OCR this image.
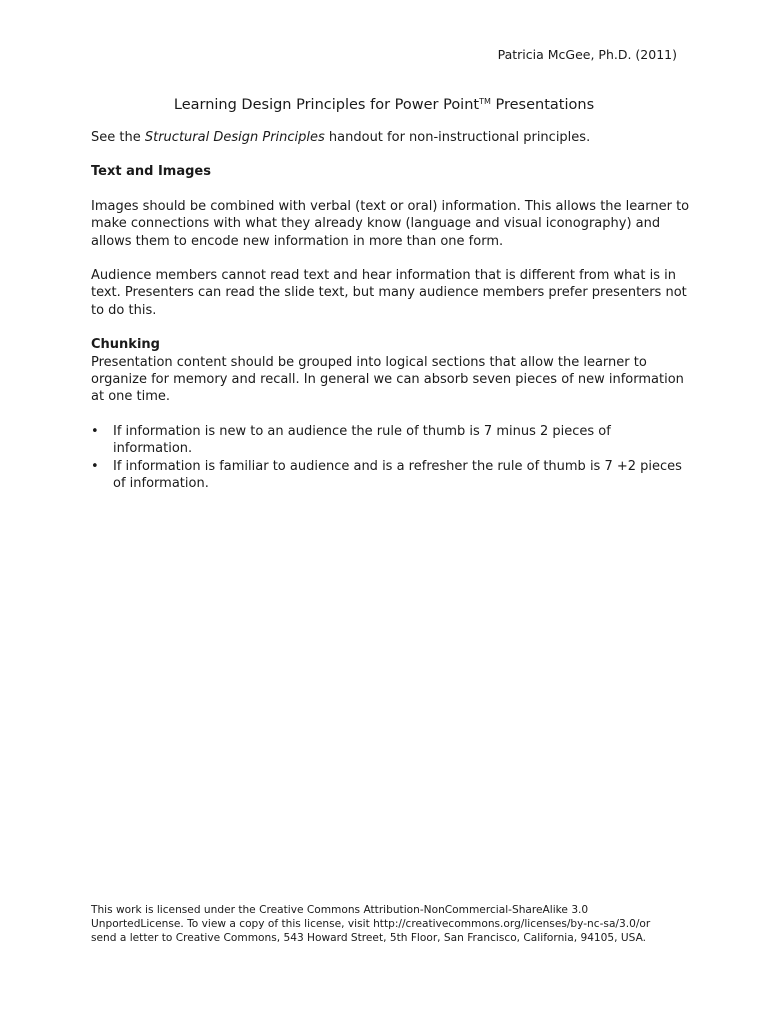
Patricia McGee, Ph.D. (2011)
Learning Design Principles for Power Point™ Presentations

See the Structural Design Principles handout for non-instructional principles.

Text and Images

Images should be combined with verbal (text or oral) information. This allows the learner to make connections with what they already know (language and visual iconography) and allows them to encode new information in more than one form.

Audience members cannot read text and hear information that is different from what is in text. Presenters can read the slide text, but many audience members prefer presenters not to do this.

Chunking

Presentation content should be grouped into logical sections that allow the learner to organize for memory and recall. In general we can absorb seven pieces of new information at one time.

• If information is new to an audience the rule of thumb is 7 minus 2 pieces of information.
• If information is familiar to audience and is a refresher the rule of thumb is 7 +2 pieces of information.
This work is licensed under the Creative Commons Attribution-NonCommercial-ShareAlike 3.0 UnportedLicense. To view a copy of this license, visit http://creativecommons.org/licenses/by-nc-sa/3.0/or send a letter to Creative Commons, 543 Howard Street, 5th Floor, San Francisco, California, 94105, USA.
